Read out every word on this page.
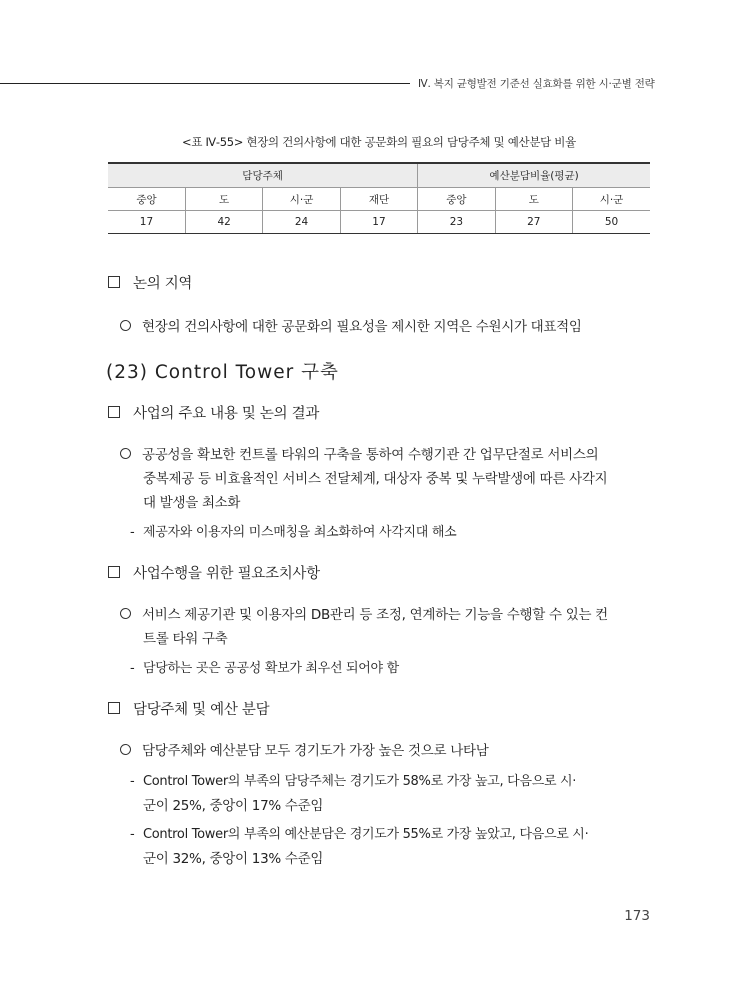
Ⅳ. 복지 균형발전 기준선 실효화를 위한 시·군별 전략
<표 Ⅳ-55> 현장의 건의사항에 대한 공문화의 필요의 담당주체 및 예산분담 비율
담당주체				예산분담비율(평균)		
중앙	도	시·군	재단	중앙	도	시·군
17	42	24	17	23	27	50
논의 지역
현장의 건의사항에 대한 공문화의 필요성을 제시한 지역은 수원시가 대표적임
(23) Control Tower 구축
사업의 주요 내용 및 논의 결과
공공성을 확보한 컨트롤 타워의 구축을 통하여 수행기관 간 업무단절로 서비스의
중복제공 등 비효율적인 서비스 전달체계, 대상자 중복 및 누락발생에 따른 사각지
대 발생을 최소화
- 제공자와 이용자의 미스매칭을 최소화하여 사각지대 해소
사업수행을 위한 필요조치사항
서비스 제공기관 및 이용자의 DB관리 등 조정, 연계하는 기능을 수행할 수 있는 컨
트롤 타워 구축
- 담당하는 곳은 공공성 확보가 최우선 되어야 함
담당주체 및 예산 분담
담당주체와 예산분담 모두 경기도가 가장 높은 것으로 나타남
- Control Tower의 부족의 담당주체는 경기도가 58%로 가장 높고, 다음으로 시·
군이 25%, 중앙이 17% 수준임
- Control Tower의 부족의 예산분담은 경기도가 55%로 가장 높았고, 다음으로 시·
군이 32%, 중앙이 13% 수준임
173
